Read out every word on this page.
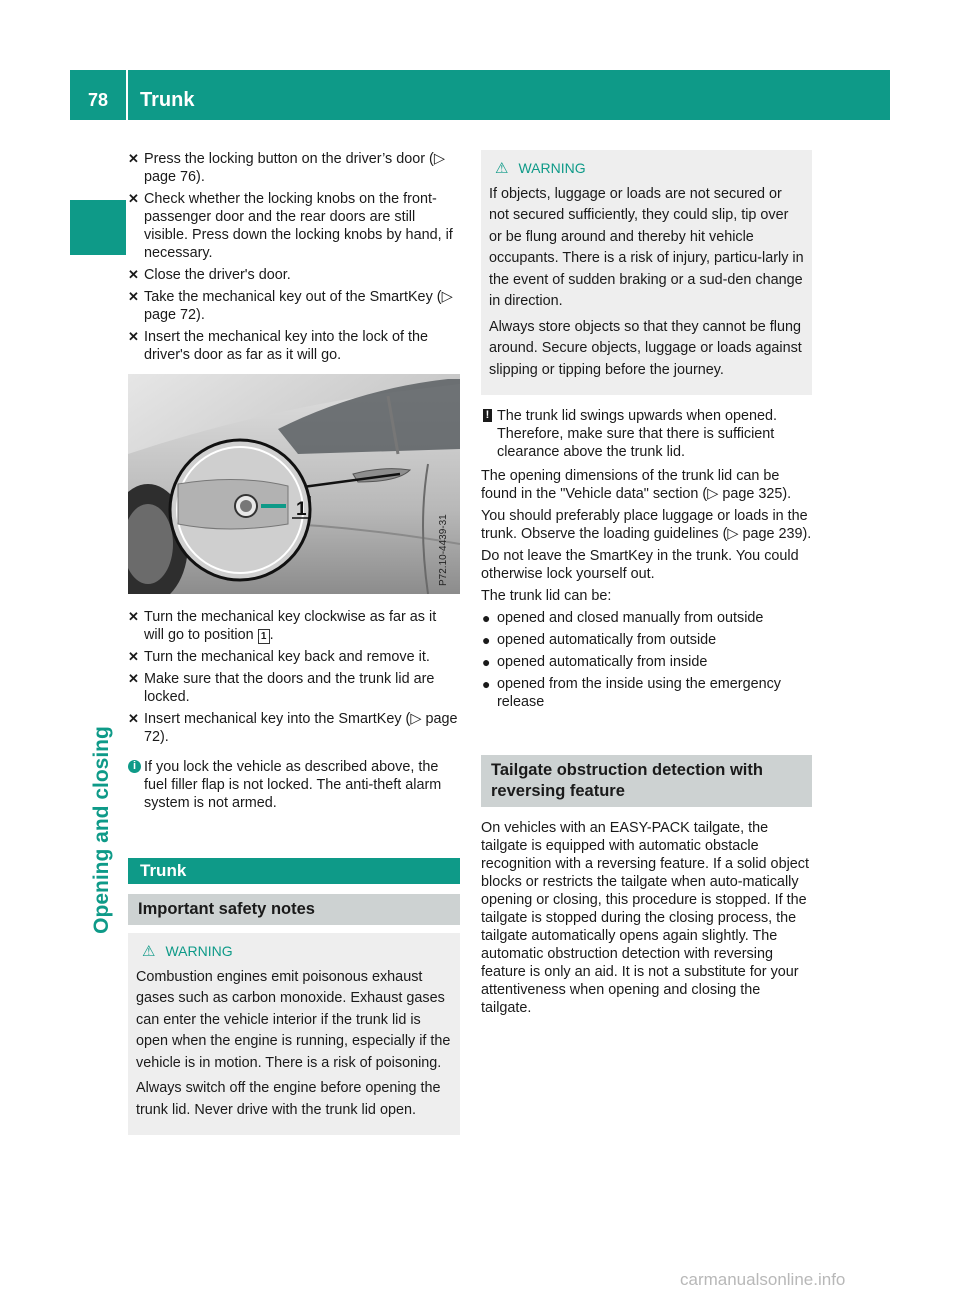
78	Trunk
Opening and closing
✕ Press the locking button on the driver’s door (▷ page 76).
✕ Check whether the locking knobs on the front-passenger door and the rear doors are still visible. Press down the locking knobs by hand, if necessary.
✕ Close the driver's door.
✕ Take the mechanical key out of the SmartKey (▷ page 72).
✕ Insert the mechanical key into the lock of the driver's door as far as it will go.
1
P72.10-4439-31
✕ Turn the mechanical key clockwise as far as it will go to position 1 .
✕ Turn the mechanical key back and remove it.
✕ Make sure that the doors and the trunk lid are locked.
✕ Insert mechanical key into the SmartKey (▷ page 72).
i If you lock the vehicle as described above, the fuel filler flap is not locked. The anti-theft alarm system is not armed.
Trunk
Important safety notes
⚠ WARNING

Combustion engines emit poisonous exhaust gases such as carbon monoxide. Exhaust gases can enter the vehicle interior if the trunk lid is open when the engine is running, especially if the vehicle is in motion. There is a risk of poisoning.

Always switch off the engine before opening the trunk lid. Never drive with the trunk lid open.

⚠ WARNING

If objects, luggage or loads are not secured or not secured sufficiently, they could slip, tip over or be flung around and thereby hit vehicle occupants. There is a risk of injury, particu-larly in the event of sudden braking or a sud-den change in direction.

Always store objects so that they cannot be flung around. Secure objects, luggage or loads against slipping or tipping before the journey.

! The trunk lid swings upwards when opened. Therefore, make sure that there is sufficient clearance above the trunk lid.

The opening dimensions of the trunk lid can be found in the "Vehicle data" section (▷ page 325).

You should preferably place luggage or loads in the trunk. Observe the loading guidelines (▷ page 239).

Do not leave the SmartKey in the trunk. You could otherwise lock yourself out.

The trunk lid can be:

● opened and closed manually from outside
● opened automatically from outside
● opened automatically from inside
● opened from the inside using the emergency release
Tailgate obstruction detection with reversing feature

On vehicles with an EASY-PACK tailgate, the tailgate is equipped with automatic obstacle recognition with a reversing feature. If a solid object blocks or restricts the tailgate when auto-matically opening or closing, this procedure is stopped. If the tailgate is stopped during the closing process, the tailgate automatically opens again slightly. The automatic obstruction detection with reversing feature is only an aid. It is not a substitute for your attentiveness when opening and closing the tailgate.

carmanualsonline.info
